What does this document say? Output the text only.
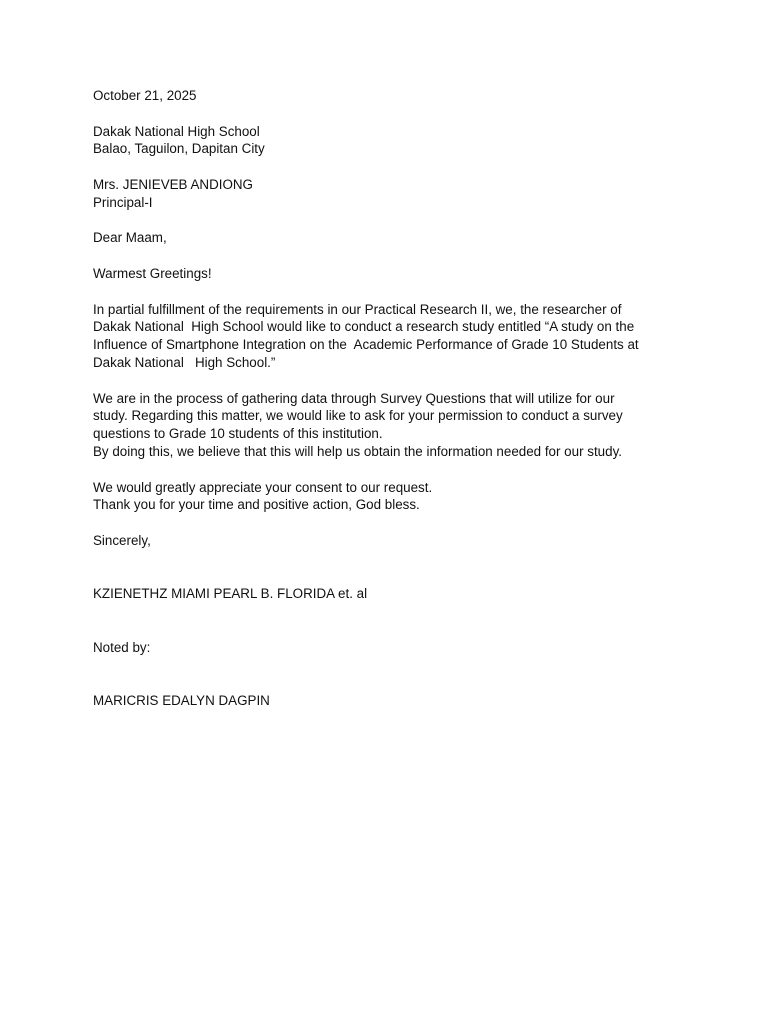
October 21, 2025
Dakak National High School
Balao, Taguilon, Dapitan City
Mrs. JENIEVEB ANDIONG
Principal-I
Dear Maam,
Warmest Greetings!
In partial fulfillment of the requirements in our Practical Research II, we, the researcher of
Dakak National  High School would like to conduct a research study entitled “A study on the
Influence of Smartphone Integration on the  Academic Performance of Grade 10 Students at
Dakak National   High School.”
We are in the process of gathering data through Survey Questions that will utilize for our
study. Regarding this matter, we would like to ask for your permission to conduct a survey
questions to Grade 10 students of this institution.
By doing this, we believe that this will help us obtain the information needed for our study.
We would greatly appreciate your consent to our request.
Thank you for your time and positive action, God bless.
Sincerely,
KZIENETHZ MIAMI PEARL B. FLORIDA et. al
Noted by:
MARICRIS EDALYN DAGPIN
